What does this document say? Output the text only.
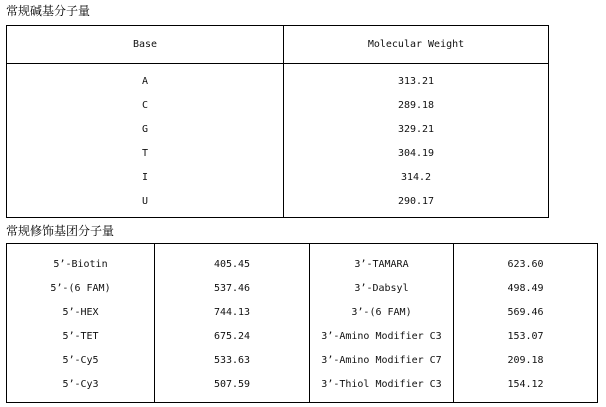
常规碱基分子量
Base	Molecular Weight
A	313.21
C	289.18
G	329.21
T	304.19
I	314.2
U	290.17
常规修饰基团分子量
5’-Biotin	405.45	3’-TAMARA	623.60
5’-(6 FAM)	537.46	3’-Dabsyl	498.49
5’-HEX	744.13	3’-(6 FAM)	569.46
5’-TET	675.24	3’-Amino Modifier C3	153.07
5’-Cy5	533.63	3’-Amino Modifier C7	209.18
5’-Cy3	507.59	3’-Thiol Modifier C3	154.12
